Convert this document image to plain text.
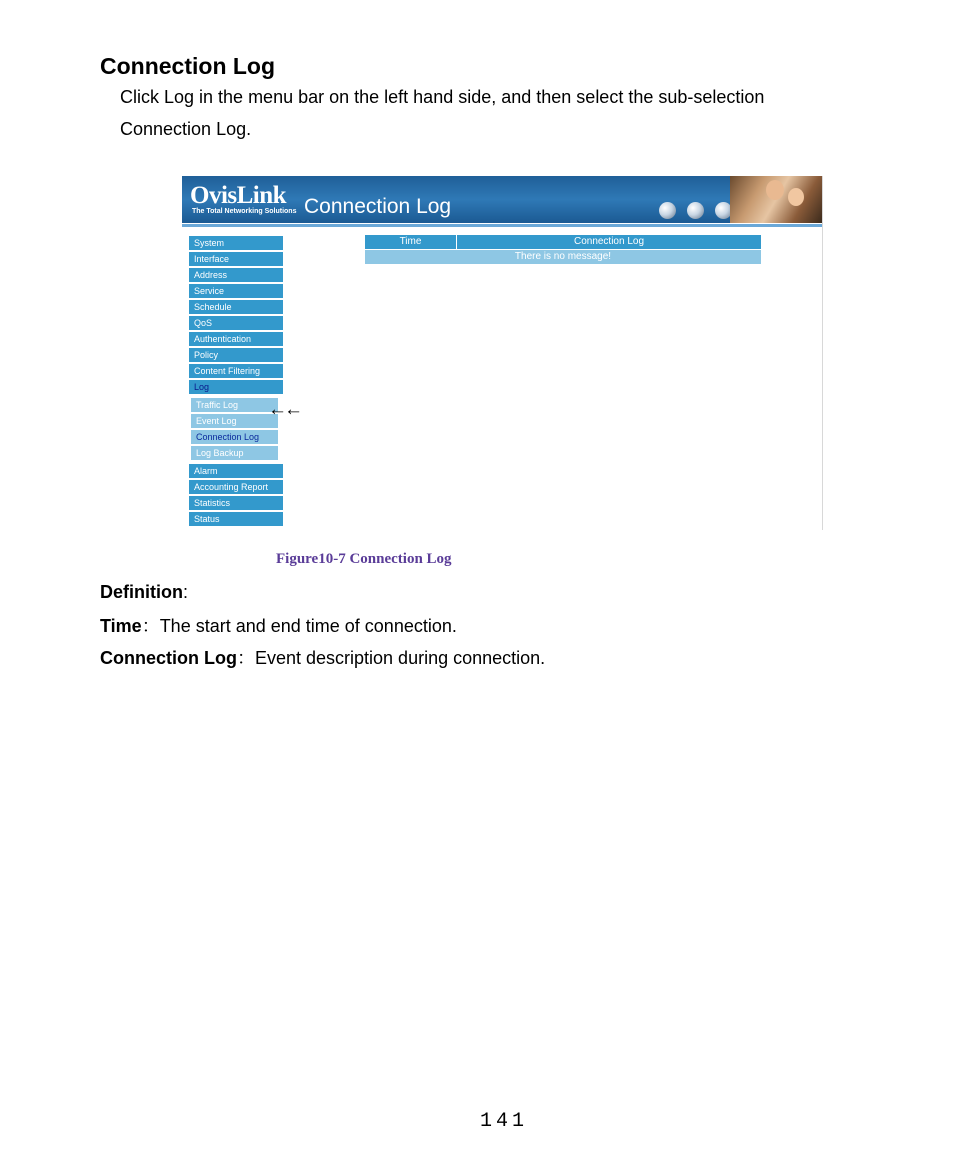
Connection Log
Click Log in the menu bar on the left hand side, and then select the sub-selection
Connection Log.
OvisLink
The Total Networking Solutions Connection Log
System
Interface
Address
Service
Schedule
QoS
Authentication
Policy
Content Filtering
Log
Traffic Log
Event Log
Connection Log
Log Backup
←←
Alarm
Accounting Report
Statistics
Status
Time	Connection Log
There is no message!
Figure10-7 Connection Log
Definition:
Time：The start and end time of connection.
Connection Log：Event description during connection.
141
